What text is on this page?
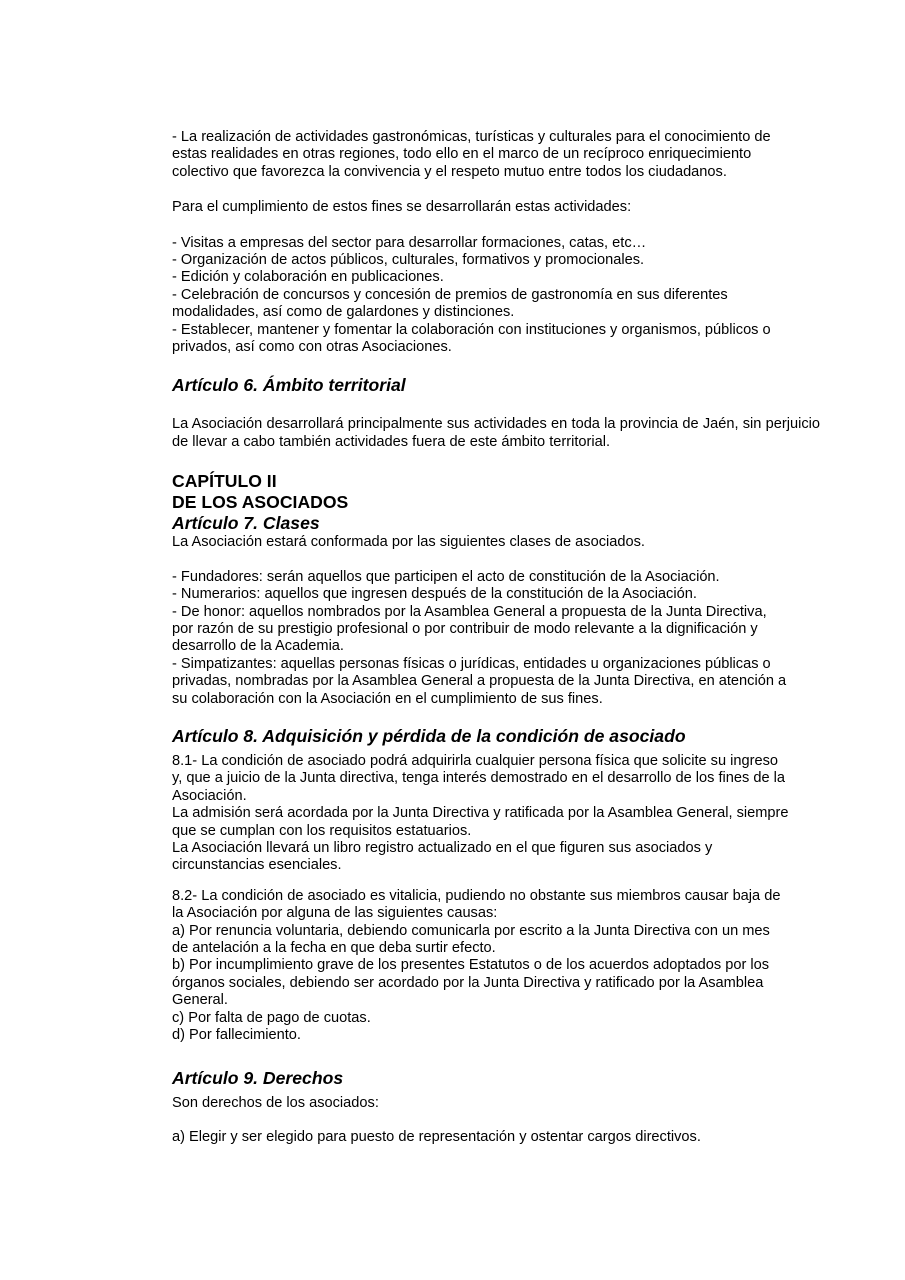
- La realización de actividades gastronómicas, turísticas y culturales para el conocimiento de
estas realidades en otras regiones, todo ello en el marco de un recíproco enriquecimiento
colectivo que favorezca la convivencia y el respeto mutuo entre todos los ciudadanos.

Para el cumplimiento de estos fines se desarrollarán estas actividades:

- Visitas a empresas del sector para desarrollar formaciones, catas, etc…
- Organización de actos públicos, culturales, formativos y promocionales.
- Edición y colaboración en publicaciones.
- Celebración de concursos y concesión de premios de gastronomía en sus diferentes
modalidades, así como de galardones y distinciones.
- Establecer, mantener y fomentar la colaboración con instituciones y organismos, públicos o
privados, así como con otras Asociaciones.

Artículo 6. Ámbito territorial

La Asociación desarrollará principalmente sus actividades en toda la provincia de Jaén, sin perjuicio de llevar a cabo también actividades fuera de este ámbito territorial.

CAPÍTULO II
DE LOS ASOCIADOS
Artículo 7. Clases

La Asociación estará conformada por las siguientes clases de asociados.

- Fundadores: serán aquellos que participen el acto de constitución de la Asociación.
- Numerarios: aquellos que ingresen después de la constitución de la Asociación.
- De honor: aquellos nombrados por la Asamblea General a propuesta de la Junta Directiva,
por razón de su prestigio profesional o por contribuir de modo relevante a la dignificación y
desarrollo de la Academia.
- Simpatizantes: aquellas personas físicas o jurídicas, entidades u organizaciones públicas o
privadas, nombradas por la Asamblea General a propuesta de la Junta Directiva, en atención a
su colaboración con la Asociación en el cumplimiento de sus fines.

Artículo 8. Adquisición y pérdida de la condición de asociado

8.1- La condición de asociado podrá adquirirla cualquier persona física que solicite su ingreso
y, que a juicio de la Junta directiva, tenga interés demostrado en el desarrollo de los fines de la
Asociación.
La admisión será acordada por la Junta Directiva y ratificada por la Asamblea General, siempre
que se cumplan con los requisitos estatuarios.
La Asociación llevará un libro registro actualizado en el que figuren sus asociados y
circunstancias esenciales.

8.2- La condición de asociado es vitalicia, pudiendo no obstante sus miembros causar baja de
la Asociación por alguna de las siguientes causas:
a) Por renuncia voluntaria, debiendo comunicarla por escrito a la Junta Directiva con un mes
de antelación a la fecha en que deba surtir efecto.
b) Por incumplimiento grave de los presentes Estatutos o de los acuerdos adoptados por los
órganos sociales, debiendo ser acordado por la Junta Directiva y ratificado por la Asamblea
General.
c) Por falta de pago de cuotas.
d) Por fallecimiento.

Artículo 9. Derechos

Son derechos de los asociados:

a) Elegir y ser elegido para puesto de representación y ostentar cargos directivos.
